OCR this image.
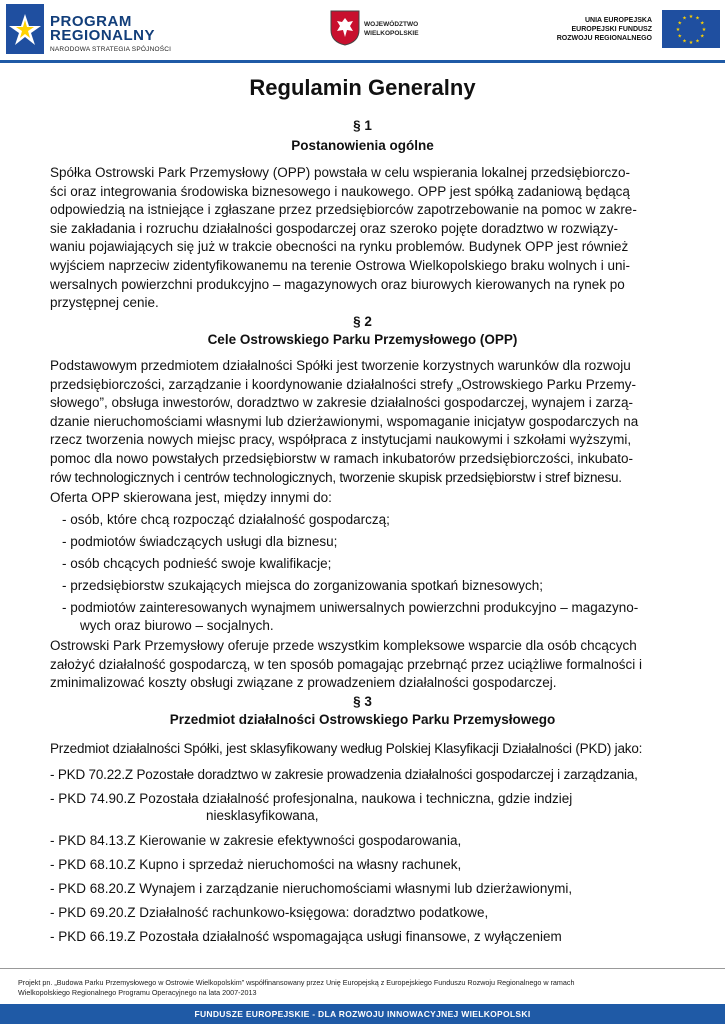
PROGRAM
REGIONALNY
NARODOWA STRATEGIA SPÓJNOŚCI
WOJEWÓDZTWO
WIELKOPOLSKIE
UNIA EUROPEJSKA
EUROPEJSKI FUNDUSZ
ROZWOJU REGIONALNEGO
★ ★
★
★
★
★
★
★
★
★
★
★
Regulamin Generalny
§ 1
Postanowienia ogólne
Spółka Ostrowski Park Przemysłowy (OPP) powstała w celu wspierania lokalnej przedsiębiorczo-
ści oraz integrowania środowiska biznesowego i naukowego. OPP jest spółką zadaniową będącą
odpowiedzią na istniejące i zgłaszane przez przedsiębiorców zapotrzebowanie na pomoc w zakre-
sie zakładania i rozruchu działalności gospodarczej oraz szeroko pojęte doradztwo w rozwiązy-
waniu pojawiających się już w trakcie obecności na rynku problemów. Budynek OPP jest również
wyjściem naprzeciw zidentyfikowanemu na terenie Ostrowa Wielkopolskiego braku wolnych i uni-
wersalnych powierzchni produkcyjno – magazynowych oraz biurowych kierowanych na rynek po
przystępnej cenie.
§ 2
Cele Ostrowskiego Parku Przemysłowego (OPP)
Podstawowym przedmiotem działalności Spółki jest tworzenie korzystnych warunków dla rozwoju
przedsiębiorczości, zarządzanie i koordynowanie działalności strefy „Ostrowskiego Parku Przemy-
słowego”, obsługa inwestorów, doradztwo w zakresie działalności gospodarczej, wynajem i zarzą-
dzanie nieruchomościami własnymi lub dzierżawionymi, wspomaganie inicjatyw gospodarczych na
rzecz tworzenia nowych miejsc pracy, współpraca z instytucjami naukowymi i szkołami wyższymi,
pomoc dla nowo powstałych przedsiębiorstw w ramach inkubatorów przedsiębiorczości, inkubato-
rów technologicznych i centrów technologicznych, tworzenie skupisk przedsiębiorstw i stref biznesu.
Oferta OPP skierowana jest, między innymi do:
- osób, które chcą rozpocząć działalność gospodarczą;
- podmiotów świadczących usługi dla biznesu;
- osób chcących podnieść swoje kwalifikacje;
- przedsiębiorstw szukających miejsca do zorganizowania spotkań biznesowych;
- podmiotów zainteresowanych wynajmem uniwersalnych powierzchni produkcyjno – magazyno-
wych oraz biurowo – socjalnych.
Ostrowski Park Przemysłowy oferuje przede wszystkim kompleksowe wsparcie dla osób chcących
założyć działalność gospodarczą, w ten sposób pomagając przebrnąć przez uciążliwe formalności i
zminimalizować koszty obsługi związane z prowadzeniem działalności gospodarczej.
§ 3
Przedmiot działalności Ostrowskiego Parku Przemysłowego
Przedmiot działalności Spółki, jest sklasyfikowany według Polskiej Klasyfikacji Działalności (PKD) jako:
- PKD 70.22.Z Pozostałe doradztwo w zakresie prowadzenia działalności gospodarczej i zarządzania,
- PKD 74.90.Z Pozostała działalność profesjonalna, naukowa i techniczna, gdzie indziej
niesklasyfikowana,
- PKD 84.13.Z Kierowanie w zakresie efektywności gospodarowania,
- PKD 68.10.Z Kupno i sprzedaż nieruchomości na własny rachunek,
- PKD 68.20.Z Wynajem i zarządzanie nieruchomościami własnymi lub dzierżawionymi,
- PKD 69.20.Z Działalność rachunkowo-księgowa: doradztwo podatkowe,
- PKD 66.19.Z Pozostała działalność wspomagająca usługi finansowe, z wyłączeniem
Projekt pn. „Budowa Parku Przemysłowego w Ostrowie Wielkopolskim” współfinansowany przez Unię Europejską z Europejskiego Funduszu Rozwoju Regionalnego w ramach
Wielkopolskiego Regionalnego Programu Operacyjnego na lata 2007-2013
FUNDUSZE EUROPEJSKIE - DLA ROZWOJU INNOWACYJNEJ WIELKOPOLSKI
